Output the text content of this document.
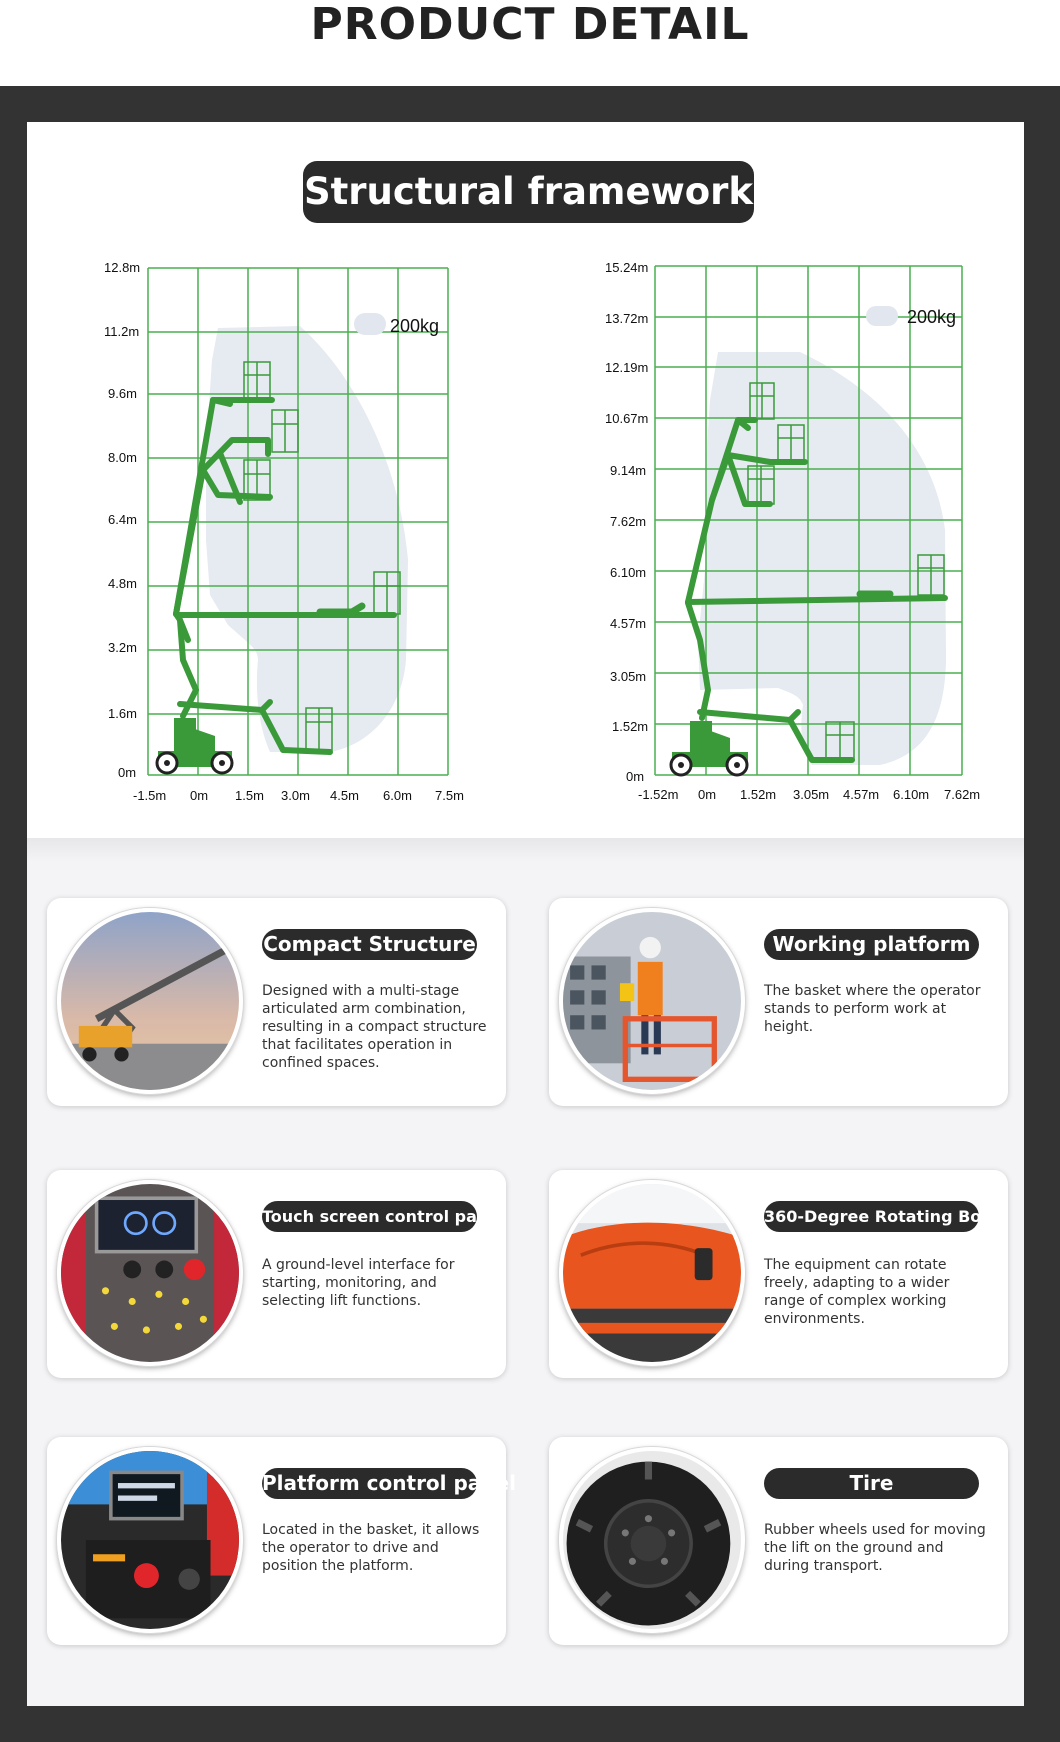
PRODUCT DETAIL
Structural framework
200kg
12.8m
11.2m
9.6m
8.0m
6.4m
4.8m
3.2m
1.6m
0m
-1.5m 0m 1.5m 3.0m 4.5m 6.0m 7.5m
200kg
15.24m
13.72m
12.19m
10.67m
9.14m
7.62m
6.10m
4.57m
3.05m
1.52m
0m
-1.52m 0m 1.52m 3.05m 4.57m 6.10m 7.62m
Compact Structure
Designed with a multi-stage articulated arm combination, resulting in a compact structure that facilitates operation in confined spaces.
Working platform
The basket where the operator stands to perform work at height.
Touch screen control panel
A ground-level interface for starting, monitoring, and selecting lift functions.
360-Degree Rotating Body
The equipment can rotate freely, adapting to a wider range of complex working environments.
Platform control panel
Located in the basket, it allows the operator to drive and position the platform.
Tire
Rubber wheels used for moving the lift on the ground and during transport.
